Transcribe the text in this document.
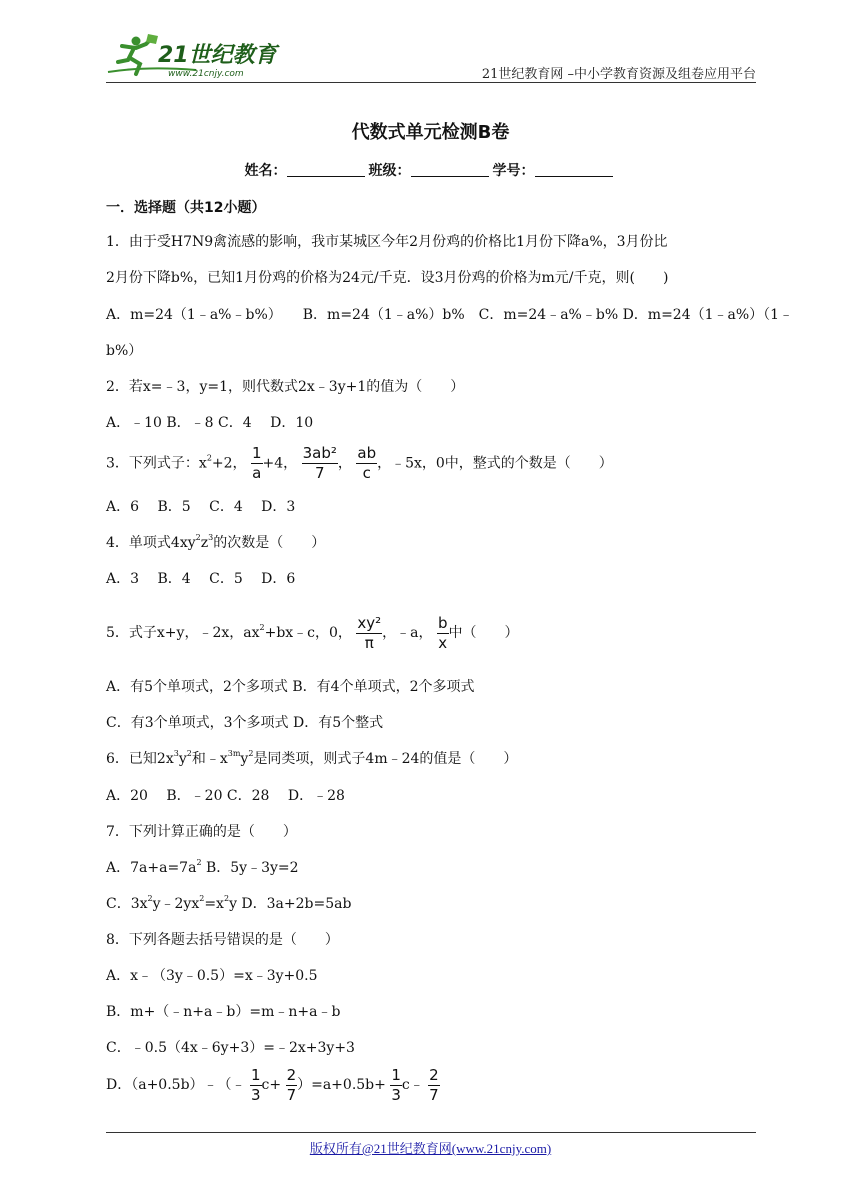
21世纪教育
www.21cnjy.com	21世纪教育网 –中小学教育资源及组卷应用平台
代数式单元检测B卷
姓名：	班级：	学号：
一．选择题（共12小题）
1．由于受H7N9禽流感的影响，我市某城区今年2月份鸡的价格比1月份下降a%，3月份比
2月份下降b%，已知1月份鸡的价格为24元/千克．设3月份鸡的价格为m元/千克，则(　　)
A．m=24（1﹣a%﹣b%）　　B．m=24（1﹣a%）b%　C．m=24﹣a%﹣b% D．m=24（1﹣a%）（1﹣
b%）
2．若x=﹣3，y=1，则代数式2x﹣3y+1的值为（　　）
A．﹣10 B．﹣8 C．4　 D．10
3．下列式子：$x^2+2$， $\frac{1}{a} +4$， $\frac{\text{3ab²}}{7}$ ， $\frac{ab}{c}$ ，﹣5x，0中，整式的个数是（　　）
A．6　 B．5　 C．4　 D．3
4．单项式$4xy^2z^3$的次数是（　　）
A．3　 B．4　 C．5　 D．6
5．式子x+y，﹣2x，$ax^2+bx﹣c$，0， $\frac{\text{xy²}}{\pi}$ ，﹣a， $\frac{b}{x}$ 中（　　）
A．有5个单项式，2个多项式 B．有4个单项式，2个多项式
C．有3个单项式，3个多项式 D．有5个整式
6．已知$2x^3y^2$和$﹣x^{3m}y^2$是同类项，则式子4m﹣24的值是（　　）
A．20　 B．﹣20 C．28　 D．﹣28
7．下列计算正确的是（　　）
A．$7a+a=7a^2$ B．5y﹣3y=2
C．$3x^2y﹣2yx^2=x^2y$ D．3a+2b=5ab
8．下列各题去括号错误的是（　　）
A．x﹣（3y﹣0.5）=x﹣3y+0.5
B．m+（﹣n+a﹣b）=m﹣n+a﹣b
C．﹣0.5（4x﹣6y+3）=﹣2x+3y+3
D．（a+0.5b）﹣（﹣ $\frac{1}{3} c+ \frac{2}{7} )=a+0.5b+ \frac{1}{3}$ c﹣ $\frac{2}{7}$
版权所有@21世纪教育网(www.21cnjy.com)
